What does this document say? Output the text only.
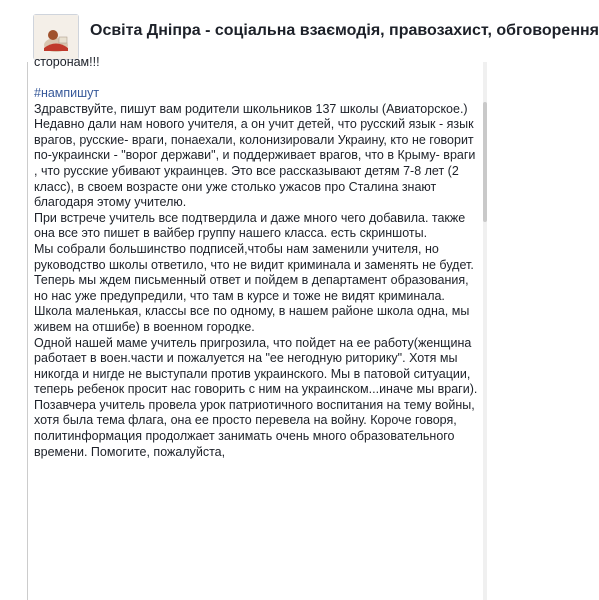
Освіта Дніпра - соціальна взаємодія, правозахист, обговорення
сторонам!!!

#нампишут

Здравствуйте, пишут вам родители школьников 137 школы (Авиаторское.) Недавно дали нам нового учителя, а он учит детей, что русский язык - язык врагов, русские- враги, понаехали, колонизировали Украину, кто не говорит по-украински - "ворог держави", и поддерживает врагов, что в Крыму- враги , что русские убивают украинцев. Это все рассказывают детям 7-8 лет (2 класс), в своем возрасте они уже столько ужасов про Сталина знают благодаря этому учителю.

При встрече учитель все подтвердила и даже много чего добавила. также она все это пишет в вайбер группу нашего класса. есть скриншоты.

Мы собрали большинство подписей,чтобы нам заменили учителя, но руководство школы ответило, что не видит криминала и заменять не будет. Теперь мы ждем письменный ответ и пойдем в департамент образования, но нас уже предупредили, что там в курсе и тоже не видят криминала. Школа маленькая, классы все по одному, в нашем районе школа одна, мы живем на отшибе) в военном городке.

Одной нашей маме учитель пригрозила, что пойдет на ее работу(женщина работает в воен.части и пожалуется на "ее негодную риторику". Хотя мы никогда и нигде не выступали против украинского. Мы в патовой ситуации, теперь ребенок просит нас говорить с ним на украинском...иначе мы враги).

Позавчера учитель провела урок патриотичного воспитания на тему войны, хотя была тема флага, она ее просто перевела на войну. Короче говоря, политинформация продолжает занимать очень много образовательного времени. Помогите, пожалуйста,
